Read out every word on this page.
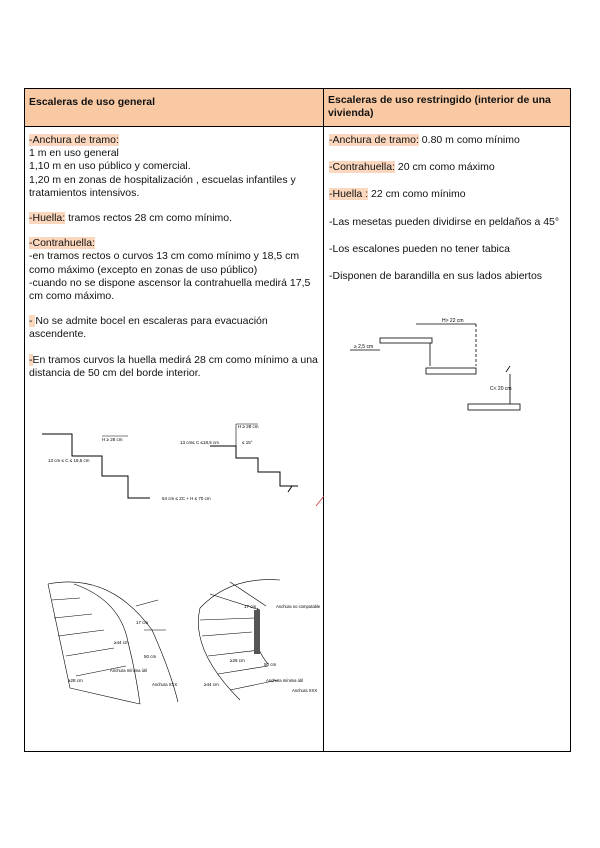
Escaleras de uso general	Escaleras de uso restringido (interior de una vivienda)

-Anchura de tramo:

1 m en uso general

1,10 m en uso público y comercial.

1,20 m en zonas de hospitalización , escuelas infantiles y tratamientos intensivos.

-Huella: tramos rectos 28 cm como mínimo.

-Contrahuella:

-en tramos rectos o curvos 13 cm como mínimo y 18,5 cm como máximo (excepto en zonas de uso público)

-cuando no se dispone ascensor la contrahuella medirá 17,5 cm como máximo.

- No se admite bocel en escaleras para evacuación ascendente.

-En tramos curvos la huella medirá 28 cm como mínimo a una distancia de 50 cm del borde interior.

-Anchura de tramo: 0.80 m como mínimo

-Contrahuella: 20 cm como máximo

-Huella : 22 cm como mínimo

-Las mesetas pueden dividirse en peldaños a 45°

-Los escalones pueden no tener tabica

-Disponen de barandilla en sus lados abiertos

H ≥ 28 cm
13 cm ≤ C ≤ 18,5 cm
54 cm ≤ 2C + H ≤ 70 cm
H ≥ 28 cm
13 cm≤ C ≤18,5 cm	≤ 15°
17 cm
≥44 cm
50 cm
≥28 cm
Anchura mínima útil
Anchura XXX
17 cm	Anchura no computable
≥28 cm
50 cm
≥44 cm
Anchura mínima útil
Anchura XXX
H> 22 cm
≥ 2,5 cm
C< 20 cm
